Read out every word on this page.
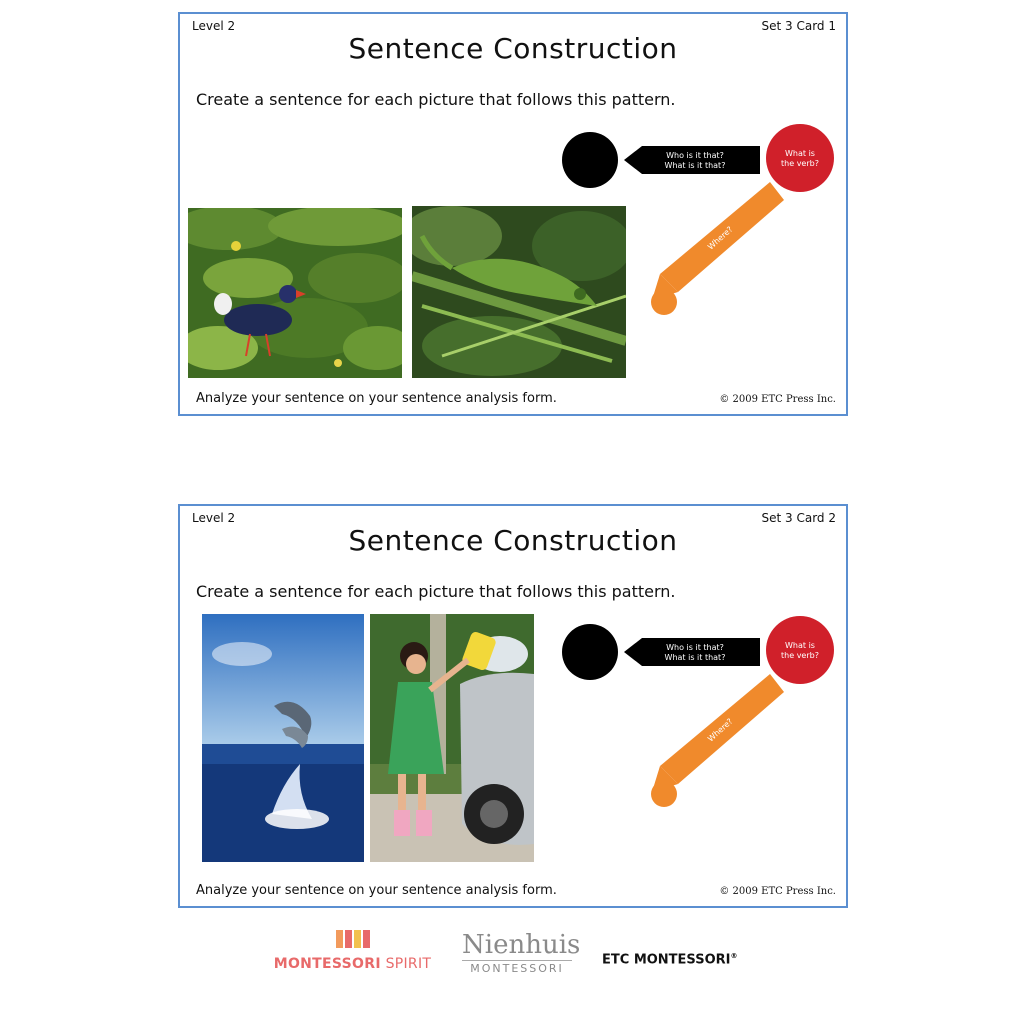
Level 2	Set 3 Card 1
Sentence Construction
Create a sentence for each picture that follows this pattern.
Who is it that?
What is it that?
What is
the verb?
Where?
Analyze your sentence on your sentence analysis form.	© 2009 ETC Press Inc.
Level 2	Set 3 Card 2
Sentence Construction
Create a sentence for each picture that follows this pattern.
Who is it that?
What is it that?
What is
the verb?
Where?
Analyze your sentence on your sentence analysis form.	© 2009 ETC Press Inc.
MONTESSORI SPIRIT
Nienhuis
MONTESSORI
ETC MONTESSORI®
